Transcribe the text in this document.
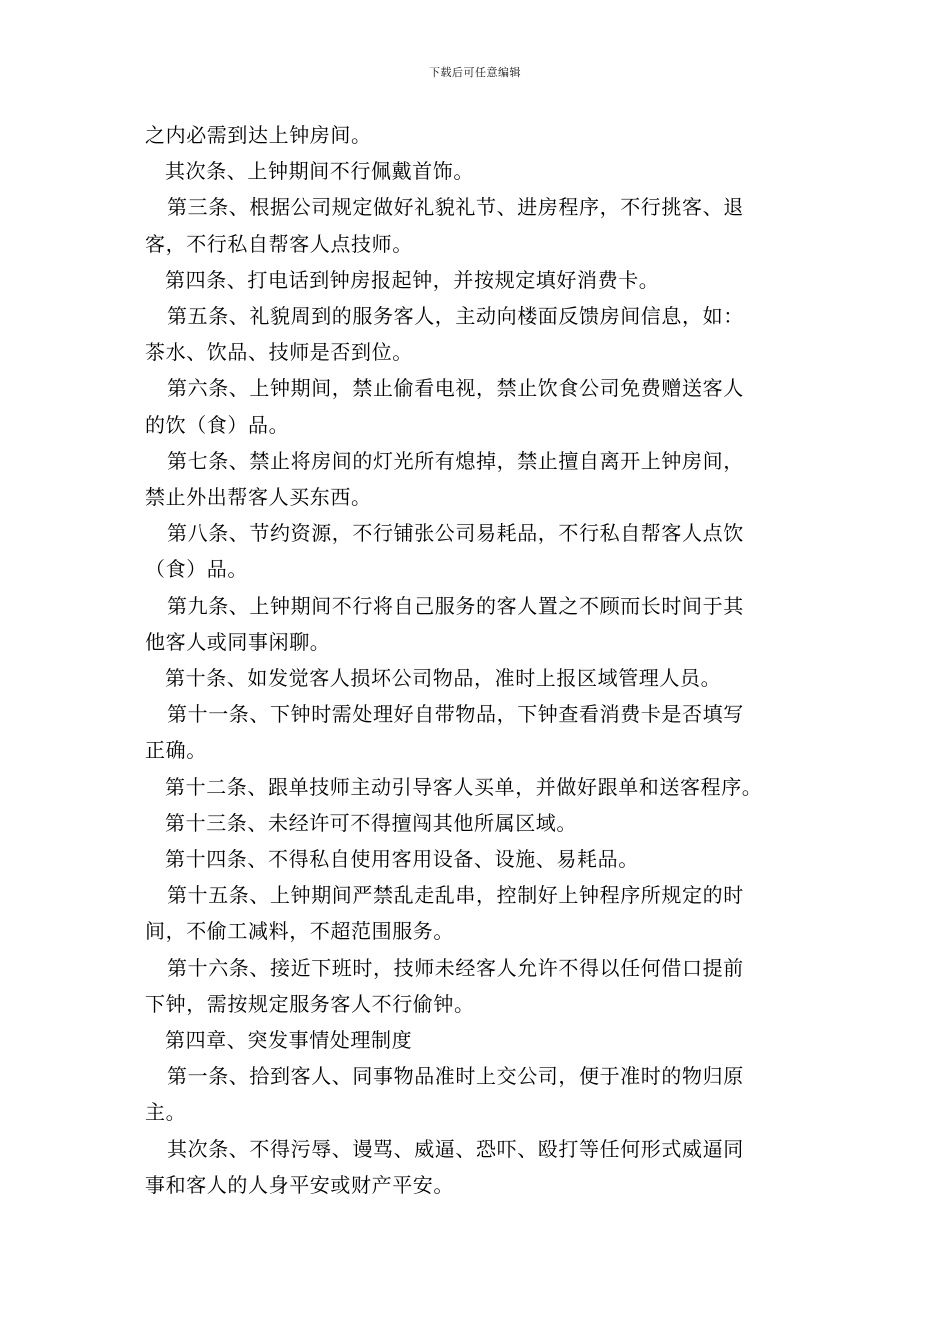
下载后可任意编辑

之内必需到达上钟房间。

其次条、上钟期间不行佩戴首饰。

第三条、根据公司规定做好礼貌礼节、进房程序，不行挑客、退

客，不行私自帮客人点技师。

第四条、打电话到钟房报起钟，并按规定填好消费卡。

第五条、礼貌周到的服务客人，主动向楼面反馈房间信息，如：

茶水、饮品、技师是否到位。

第六条、上钟期间，禁止偷看电视，禁止饮食公司免费赠送客人

的饮（食）品。

第七条、禁止将房间的灯光所有熄掉，禁止擅自离开上钟房间，

禁止外出帮客人买东西。

第八条、节约资源，不行铺张公司易耗品，不行私自帮客人点饮

（食）品。

第九条、上钟期间不行将自己服务的客人置之不顾而长时间于其

他客人或同事闲聊。

第十条、如发觉客人损坏公司物品，准时上报区域管理人员。

第十一条、下钟时需处理好自带物品，下钟查看消费卡是否填写

正确。

第十二条、跟单技师主动引导客人买单，并做好跟单和送客程序。

第十三条、未经许可不得擅闯其他所属区域。

第十四条、不得私自使用客用设备、设施、易耗品。

第十五条、上钟期间严禁乱走乱串，控制好上钟程序所规定的时

间，不偷工减料，不超范围服务。

第十六条、接近下班时，技师未经客人允许不得以任何借口提前

下钟，需按规定服务客人不行偷钟。

第四章、突发事情处理制度

第一条、拾到客人、同事物品准时上交公司，便于准时的物归原

主。

其次条、不得污辱、谩骂、威逼、恐吓、殴打等任何形式威逼同

事和客人的人身平安或财产平安。
